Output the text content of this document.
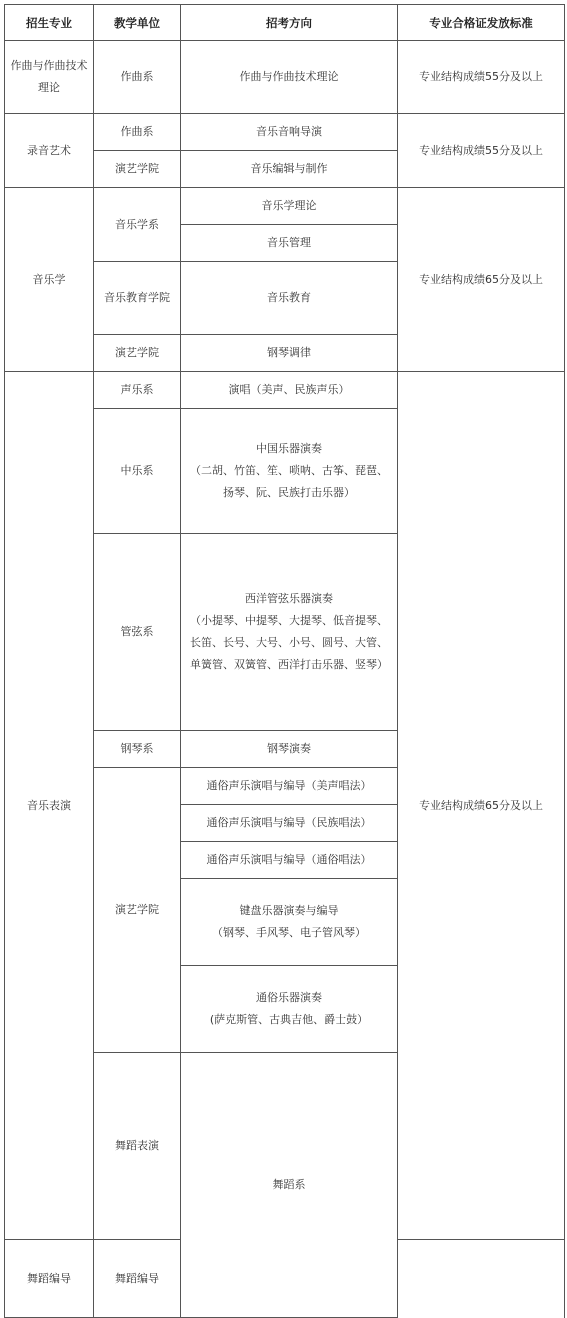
招生专业	教学单位	招考方向	专业合格证发放标准	
作曲与作曲技术理论	作曲系	作曲与作曲技术理论	专业结构成绩55分及以上	
录音艺术	作曲系	音乐音响导演	专业结构成绩55分及以上	
	演艺学院	音乐编辑与制作		
音乐学	音乐学系	音乐学理论	专业结构成绩65分及以上	
		音乐管理		
	音乐教育学院	音乐教育		
	演艺学院	钢琴调律		
音乐表演	声乐系	演唱（美声、民族声乐）	专业结构成绩65分及以上	
	中乐系	中国乐器演奏
（二胡、竹笛、笙、唢呐、古筝、琵琶、扬琴、阮、民族打击乐器）		
	管弦系	西洋管弦乐器演奏
（小提琴、中提琴、大提琴、低音提琴、长笛、长号、大号、小号、圆号、大管、单簧管、双簧管、西洋打击乐器、竖琴）		
	钢琴系	钢琴演奏		
	演艺学院	通俗声乐演唱与编导（美声唱法）		
		通俗声乐演唱与编导（民族唱法）		
		通俗声乐演唱与编导（通俗唱法）		
		键盘乐器演奏与编导
（钢琴、手风琴、电子管风琴）		
		通俗乐器演奏
(萨克斯管、古典吉他、爵士鼓）		
	舞蹈表演	舞蹈系		
舞蹈编导	舞蹈编导			
